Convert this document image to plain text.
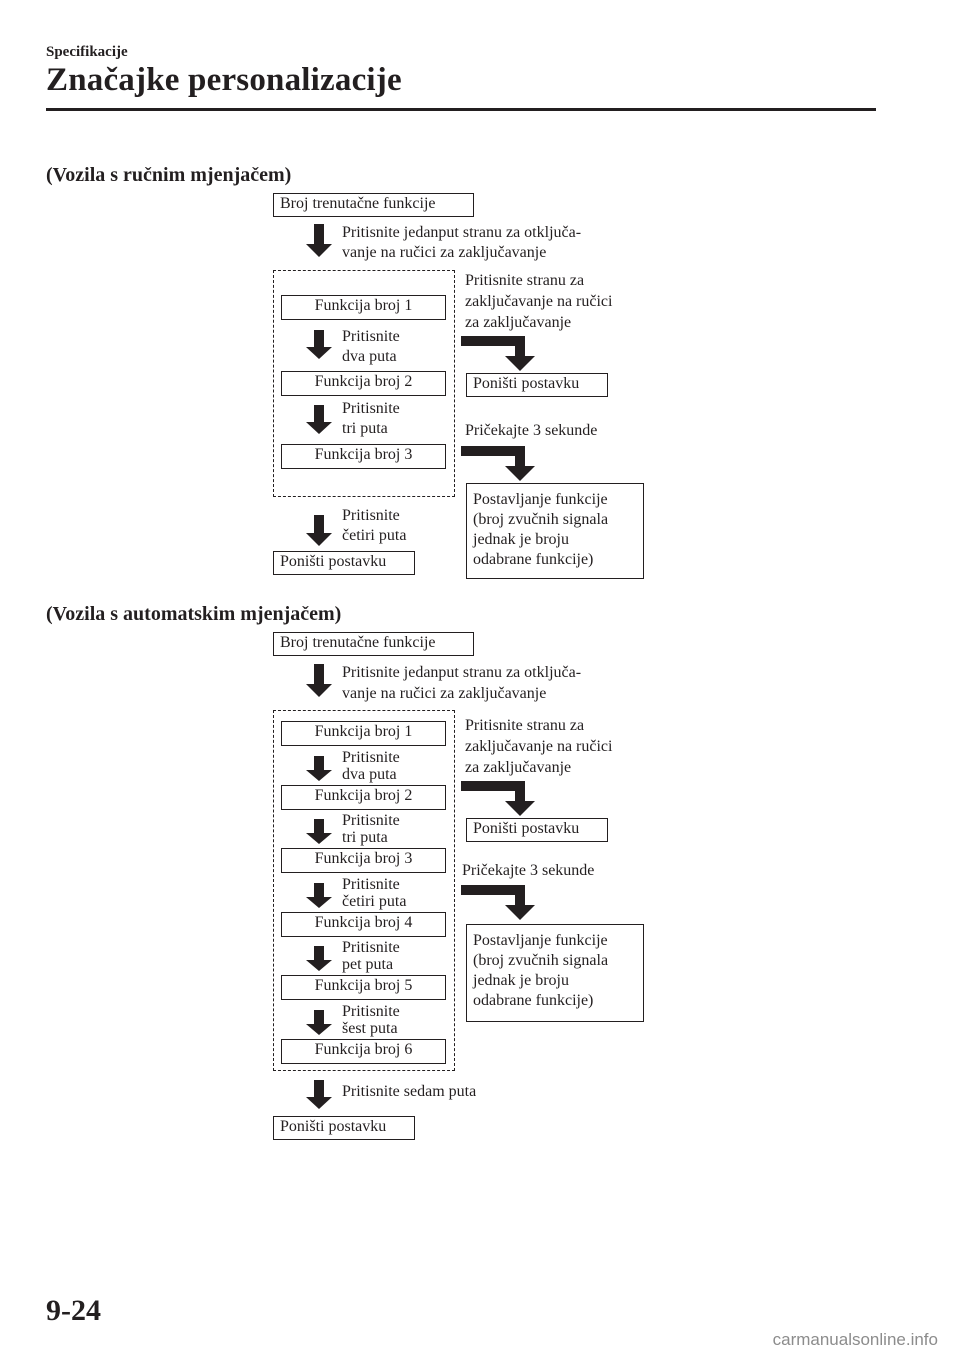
Specifikacije
Značajke personalizacije
(Vozila s ručnim mjenjačem)
Broj trenutačne funkcije
Pritisnite jedanput stranu za otključa-
vanje na ručici za zaključavanje
Funkcija broj 1
Pritisnite
dva puta
Funkcija broj 2
Pritisnite
tri puta
Funkcija broj 3
Pritisnite
četiri puta
Poništi postavku
Pritisnite stranu za
zaključavanje na ručici
za zaključavanje
Poništi postavku
Pričekajte 3 sekunde
Postavljanje funkcije
(broj zvučnih signala
jednak je broju
odabrane funkcije)
(Vozila s automatskim mjenjačem)
Broj trenutačne funkcije
Pritisnite jedanput stranu za otključa-
vanje na ručici za zaključavanje
Funkcija broj 1
Pritisnite
dva puta
Funkcija broj 2
Pritisnite
tri puta
Funkcija broj 3
Pritisnite
četiri puta
Funkcija broj 4
Pritisnite
pet puta
Funkcija broj 5
Pritisnite
šest puta
Funkcija broj 6
Pritisnite sedam puta
Poništi postavku
Pritisnite stranu za
zaključavanje na ručici
za zaključavanje
Poništi postavku
Pričekajte 3 sekunde
Postavljanje funkcije
(broj zvučnih signala
jednak je broju
odabrane funkcije)
9-24
carmanualsonline.info
